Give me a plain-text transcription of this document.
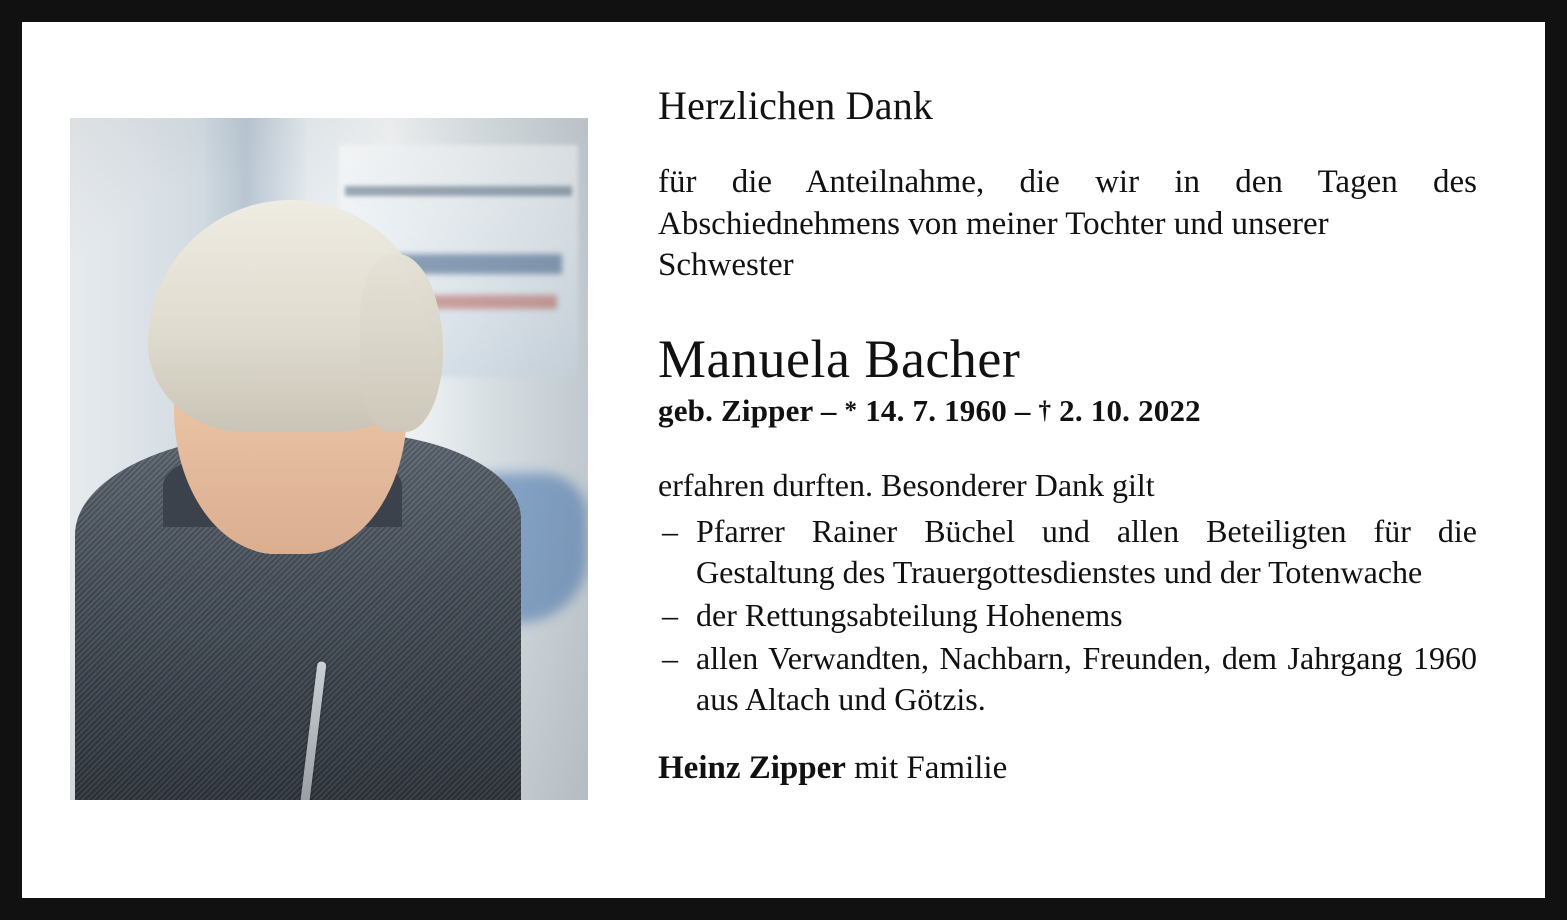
Herzlichen Dank

für die Anteilnahme, die wir in den Tagen des Abschiednehmens von meiner Tochter und unserer
Schwester

Manuela Bacher
geb. Zipper – * 14. 7. 1960 – † 2. 10. 2022

erfahren durften. Besonderer Dank gilt

– Pfarrer Rainer Büchel und allen Beteiligten für die Gestaltung des Trauergottesdienstes und der Totenwache
– der Rettungsabteilung Hohenems
– allen Verwandten, Nachbarn, Freunden, dem Jahrgang 1960 aus Altach und Götzis.

Heinz Zipper mit Familie
